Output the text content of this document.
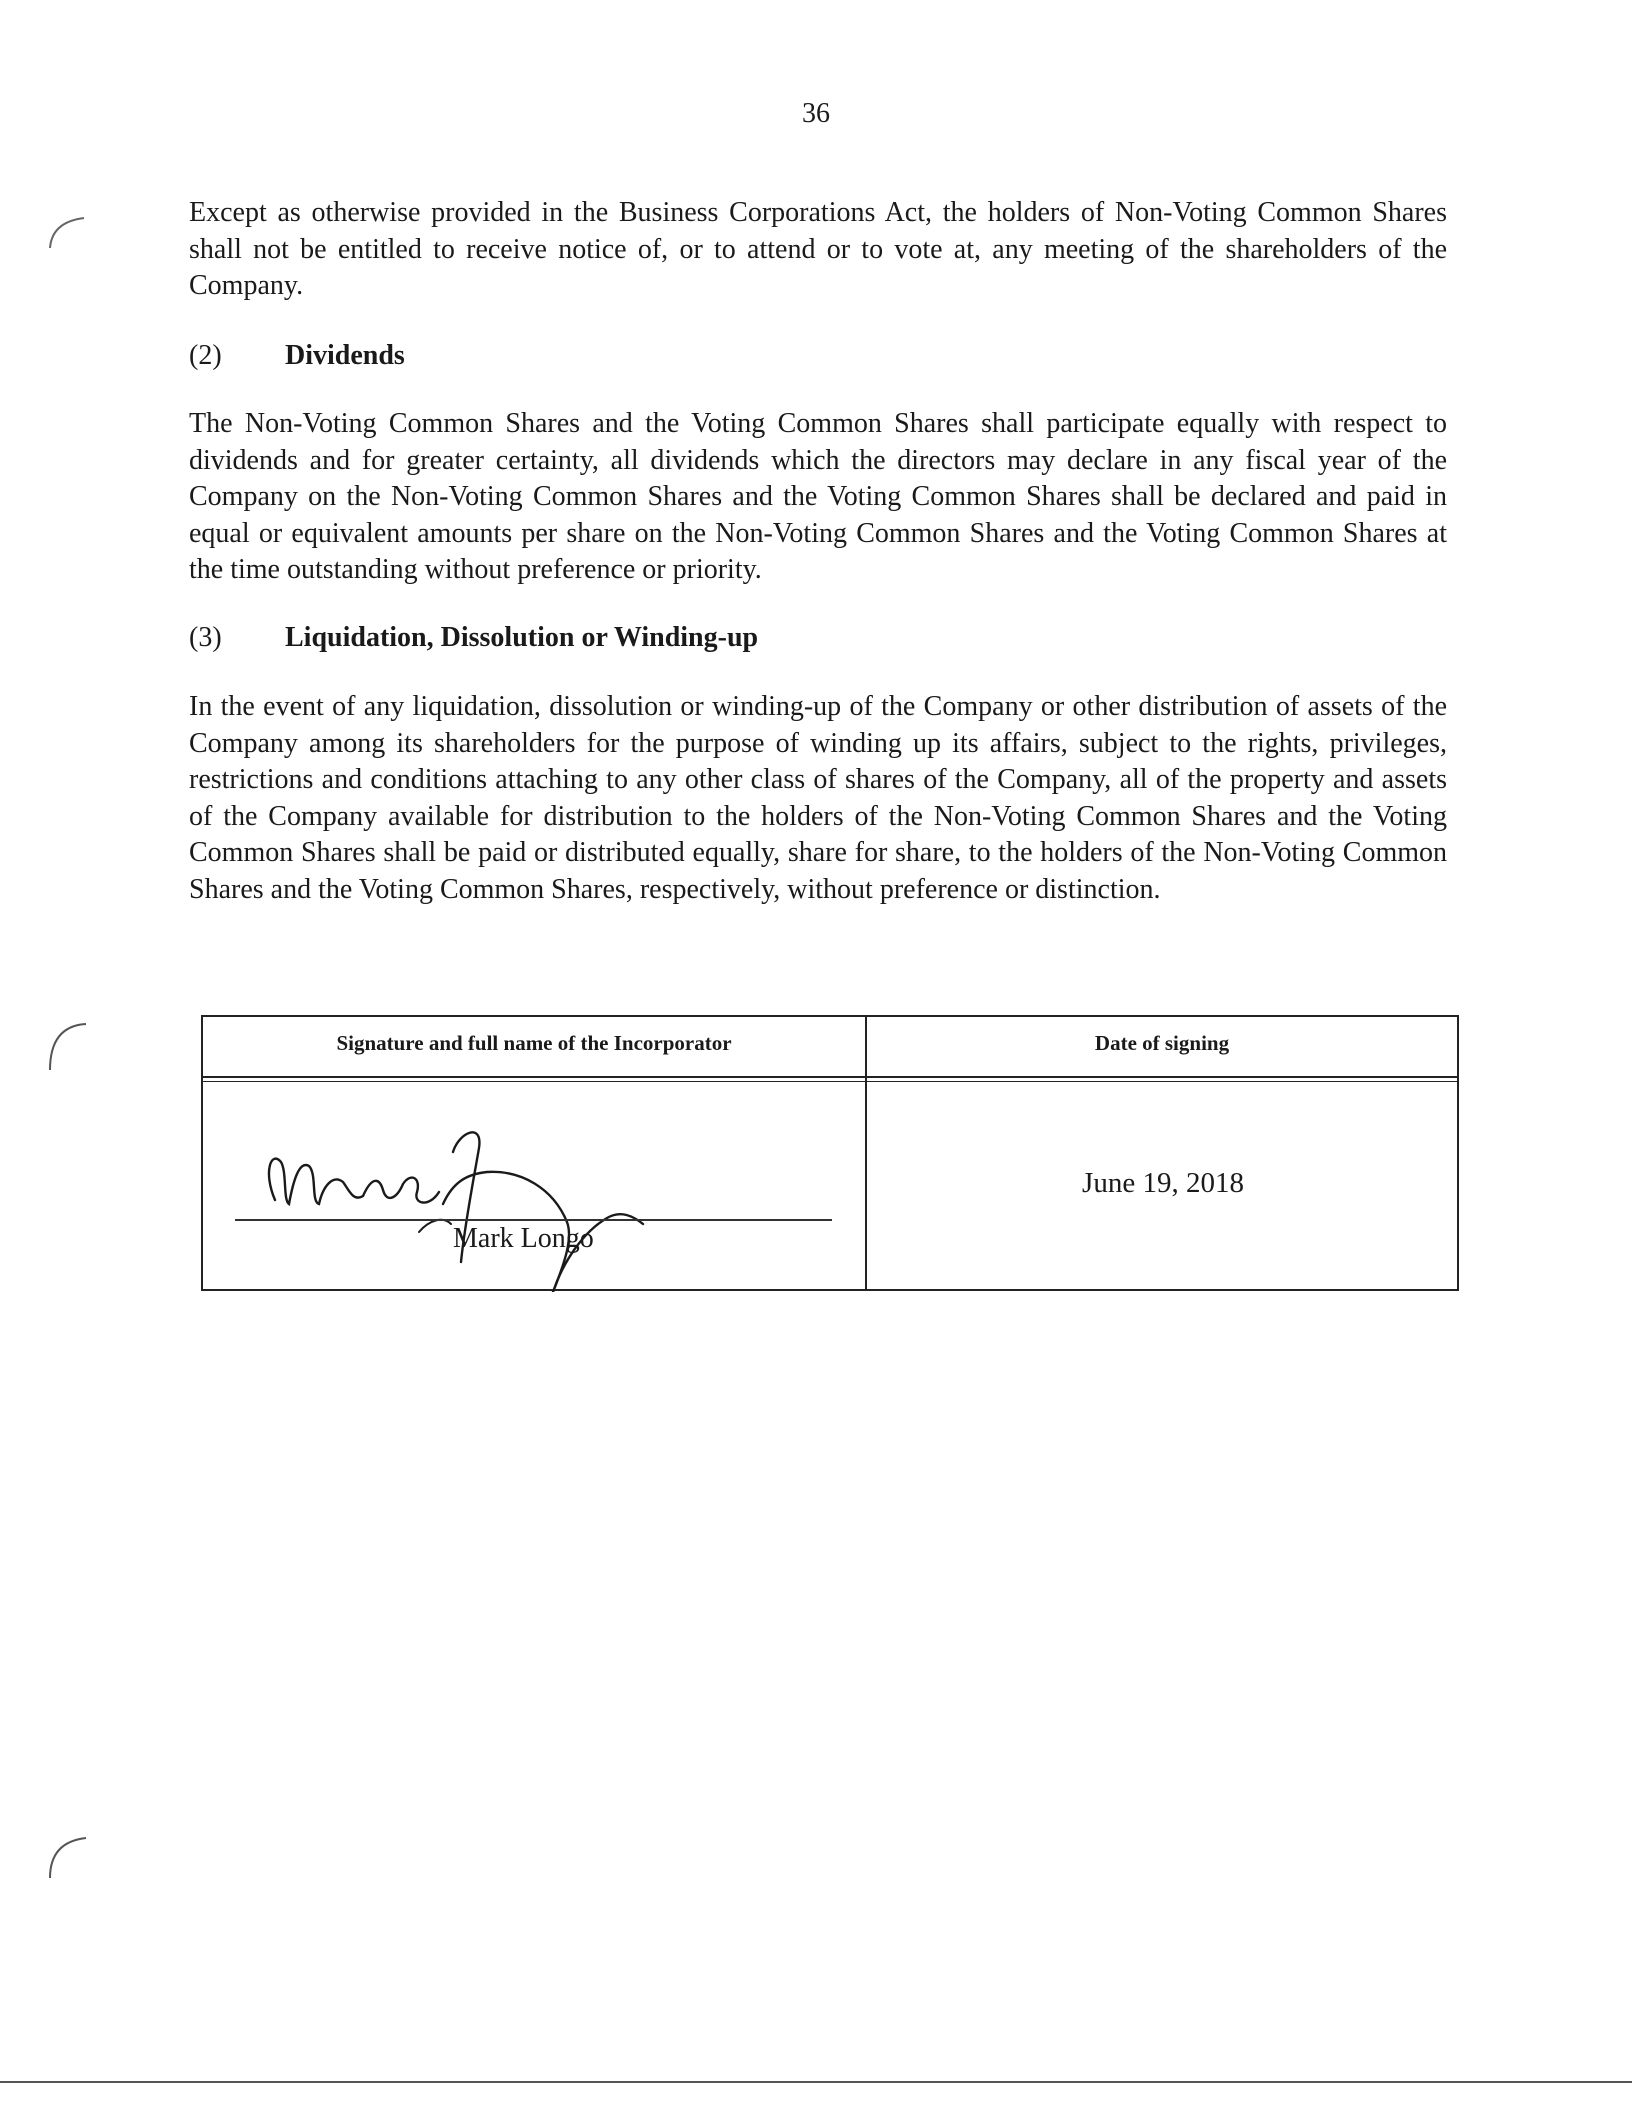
36

Except as otherwise provided in the Business Corporations Act, the holders of Non-Voting Common Shares shall not be entitled to receive notice of, or to attend or to vote at, any meeting of the shareholders of the Company.

(2) Dividends

The Non-Voting Common Shares and the Voting Common Shares shall participate equally with respect to dividends and for greater certainty, all dividends which the directors may declare in any fiscal year of the Company on the Non-Voting Common Shares and the Voting Common Shares shall be declared and paid in equal or equivalent amounts per share on the Non-Voting Common Shares and the Voting Common Shares at the time outstanding without preference or priority.

(3) Liquidation, Dissolution or Winding-up

In the event of any liquidation, dissolution or winding-up of the Company or other distribution of assets of the Company among its shareholders for the purpose of winding up its affairs, subject to the rights, privileges, restrictions and conditions attaching to any other class of shares of the Company, all of the property and assets of the Company available for distribution to the holders of the Non-Voting Common Shares and the Voting Common Shares shall be paid or distributed equally, share for share, to the holders of the Non-Voting Common Shares and the Voting Common Shares, respectively, without preference or distinction.

Signature and full name of the Incorporator	Date of signing
Mark Longo
June 19, 2018
